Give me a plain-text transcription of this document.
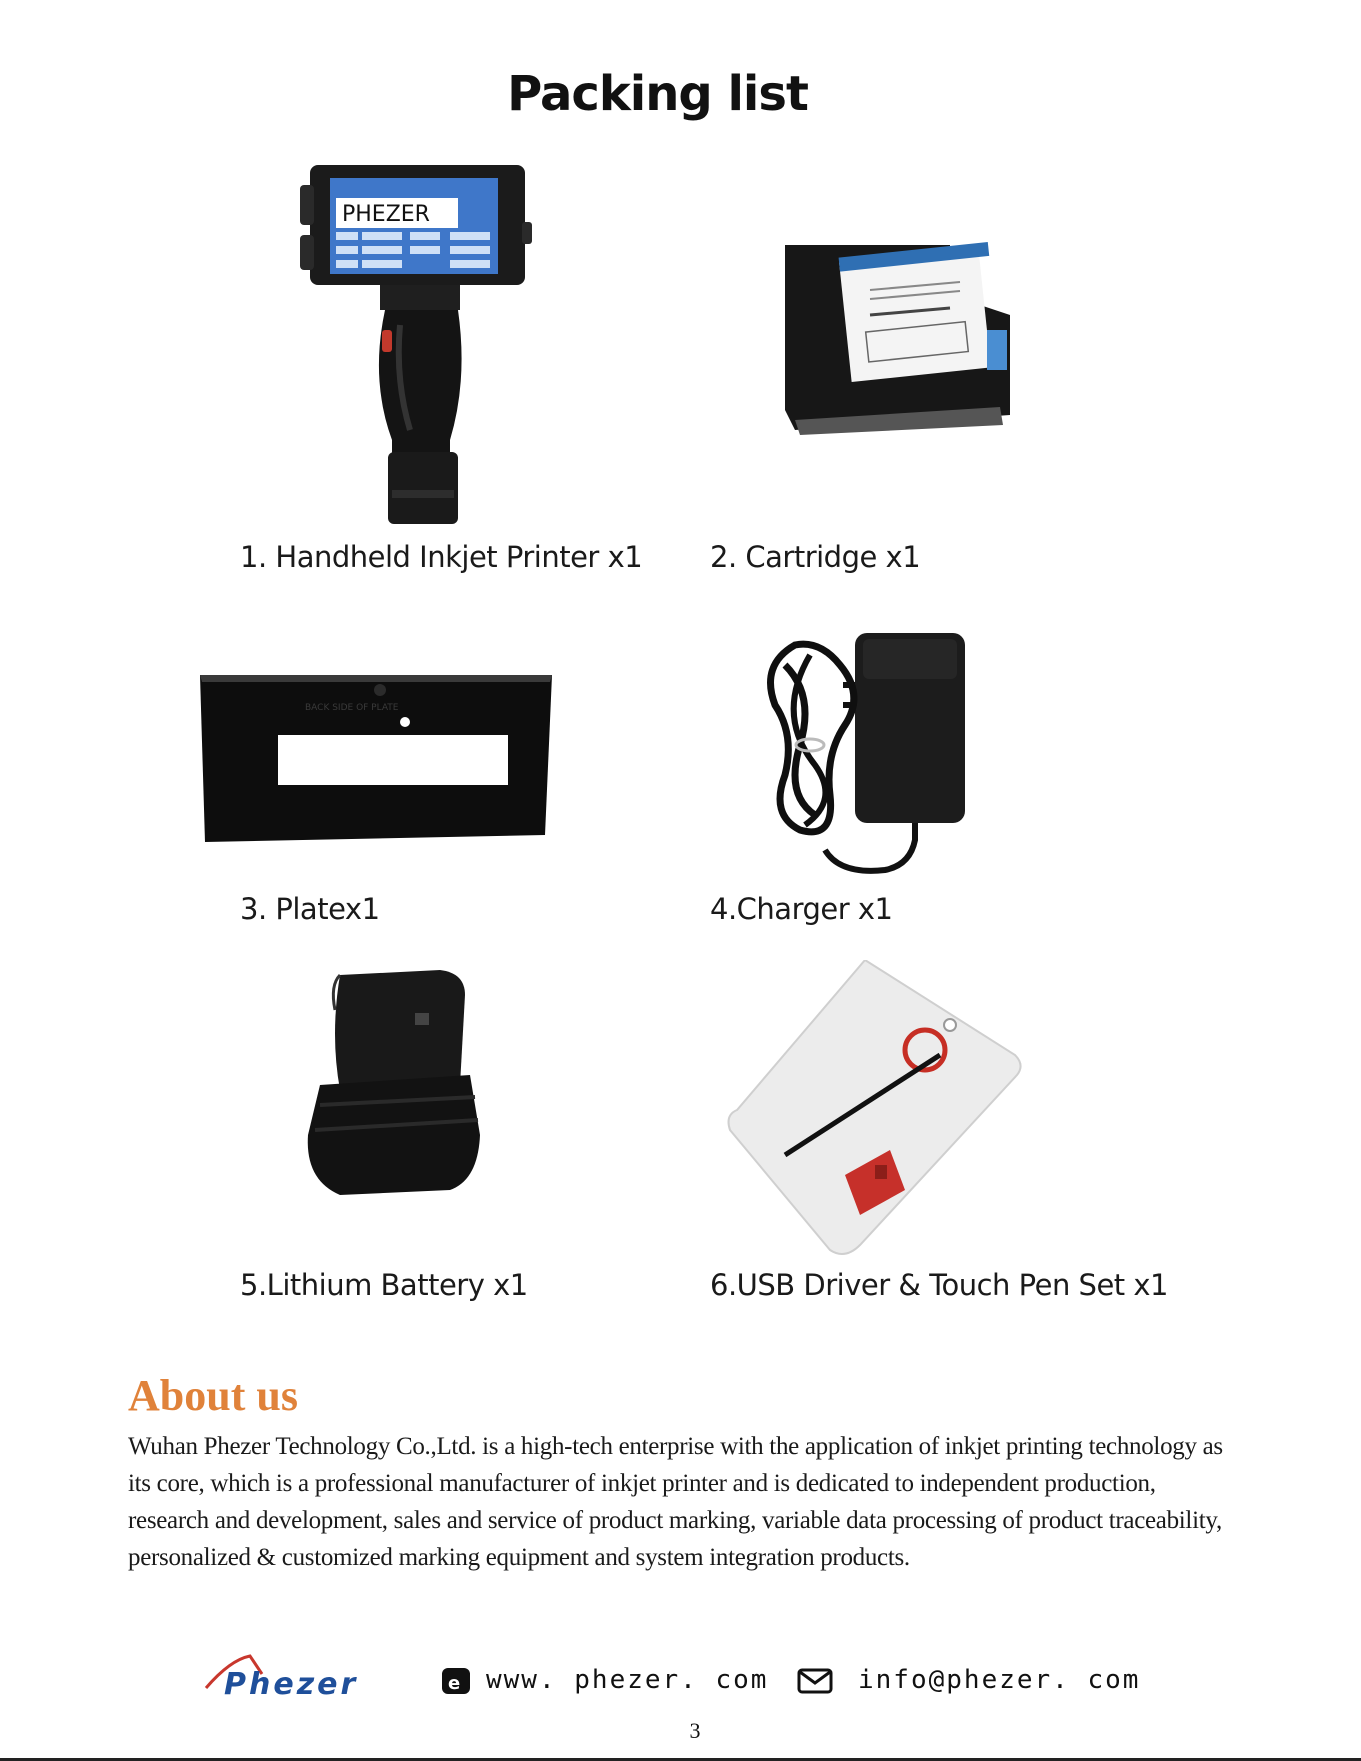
Packing list
PHEZER
1. Handheld Inkjet Printer x1 2. Cartridge x1
BACK SIDE OF PLATE
3. Platex1	4.Charger x1
5.Lithium Battery x1	6.USB Driver & Touch Pen Set x1
About us
Wuhan Phezer Technology Co.,Ltd. is a high-tech enterprise with the application of inkjet printing technology as its core, which is a professional manufacturer of inkjet printer and is dedicated to independent production, research and development, sales and service of product marking, variable data processing of product traceability, personalized & customized marking equipment and system integration products.
Phezer	e www. phezer. com	info@phezer. com
3
